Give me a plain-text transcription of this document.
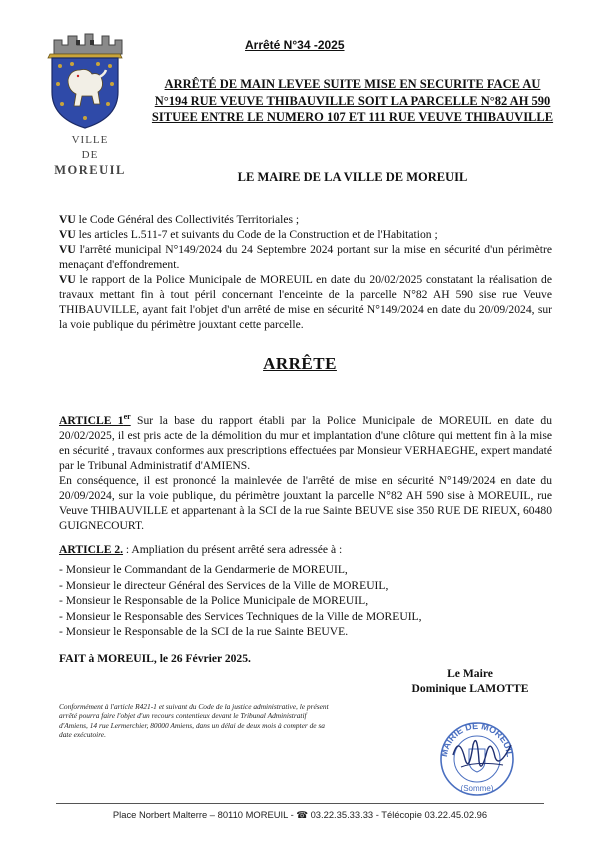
VILLE
DE
MOREUIL
Arrêté N°34 -2025
ARRÊTÉ DE MAIN LEVEE SUITE MISE EN SECURITE FACE AU N°194 RUE VEUVE THIBAUVILLE SOIT LA PARCELLE N°82 AH 590 SITUEE ENTRE LE NUMERO 107 ET 111 RUE VEUVE THIBAUVILLE
LE MAIRE DE LA VILLE DE MOREUIL

VU le Code Général des Collectivités Territoriales ;

VU les articles L.511-7 et suivants du Code de la Construction et de l'Habitation ;

VU l'arrêté municipal N°149/2024 du 24 Septembre 2024 portant sur la mise en sécurité d'un périmètre menaçant d'effondrement.

VU le rapport de la Police Municipale de MOREUIL en date du 20/02/2025 constatant la réalisation de travaux mettant fin à tout péril concernant l'enceinte de la parcelle N°82 AH 590 sise rue Veuve THIBAUVILLE, ayant fait l'objet d'un arrêté de mise en sécurité N°149/2024 en date du 20/09/2024, sur la voie publique du périmètre jouxtant cette parcelle.

ARRÊTE

ARTICLE 1er Sur la base du rapport établi par la Police Municipale de MOREUIL en date du 20/02/2025, il est pris acte de la démolition du mur et implantation d'une clôture qui mettent fin à la mise en sécurité , travaux conformes aux prescriptions effectuées par Monsieur VERHAEGHE, expert mandaté par le Tribunal Administratif d'AMIENS.

En conséquence, il est prononcé la mainlevée de l'arrêté de mise en sécurité N°149/2024 en date du 20/09/2024, sur la voie publique, du périmètre jouxtant la parcelle N°82 AH 590 sise à MOREUIL, rue Veuve THIBAUVILLE et appartenant à la SCI de la rue Sainte BEUVE sise 350 RUE DE RIEUX, 60480 GUIGNECOURT.

ARTICLE 2. : Ampliation du présent arrêté sera adressée à :
- Monsieur le Commandant de la Gendarmerie de MOREUIL,
- Monsieur le directeur Général des Services de la Ville de MOREUIL,
- Monsieur le Responsable de la Police Municipale de MOREUIL,
- Monsieur le Responsable des Services Techniques de la Ville de MOREUIL,
- Monsieur le Responsable de la SCI de la rue Sainte BEUVE.
FAIT à MOREUIL, le 26 Février 2025.
Le Maire
Dominique LAMOTTE
Conformément à l'article R421-1 et suivant du Code de la justice administrative, le présent arrêté pourra faire l'objet d'un recours contentieux devant le Tribunal Administratif d'Amiens, 14 rue Lermerchier, 80000 Amiens, dans un délai de deux mois à compter de sa date exécutoire.
MAIRIE DE MOREUIL
(Somme)
Place Norbert Malterre – 80110 MOREUIL - ☎ 03.22.35.33.33 - Télécopie 03.22.45.02.96
